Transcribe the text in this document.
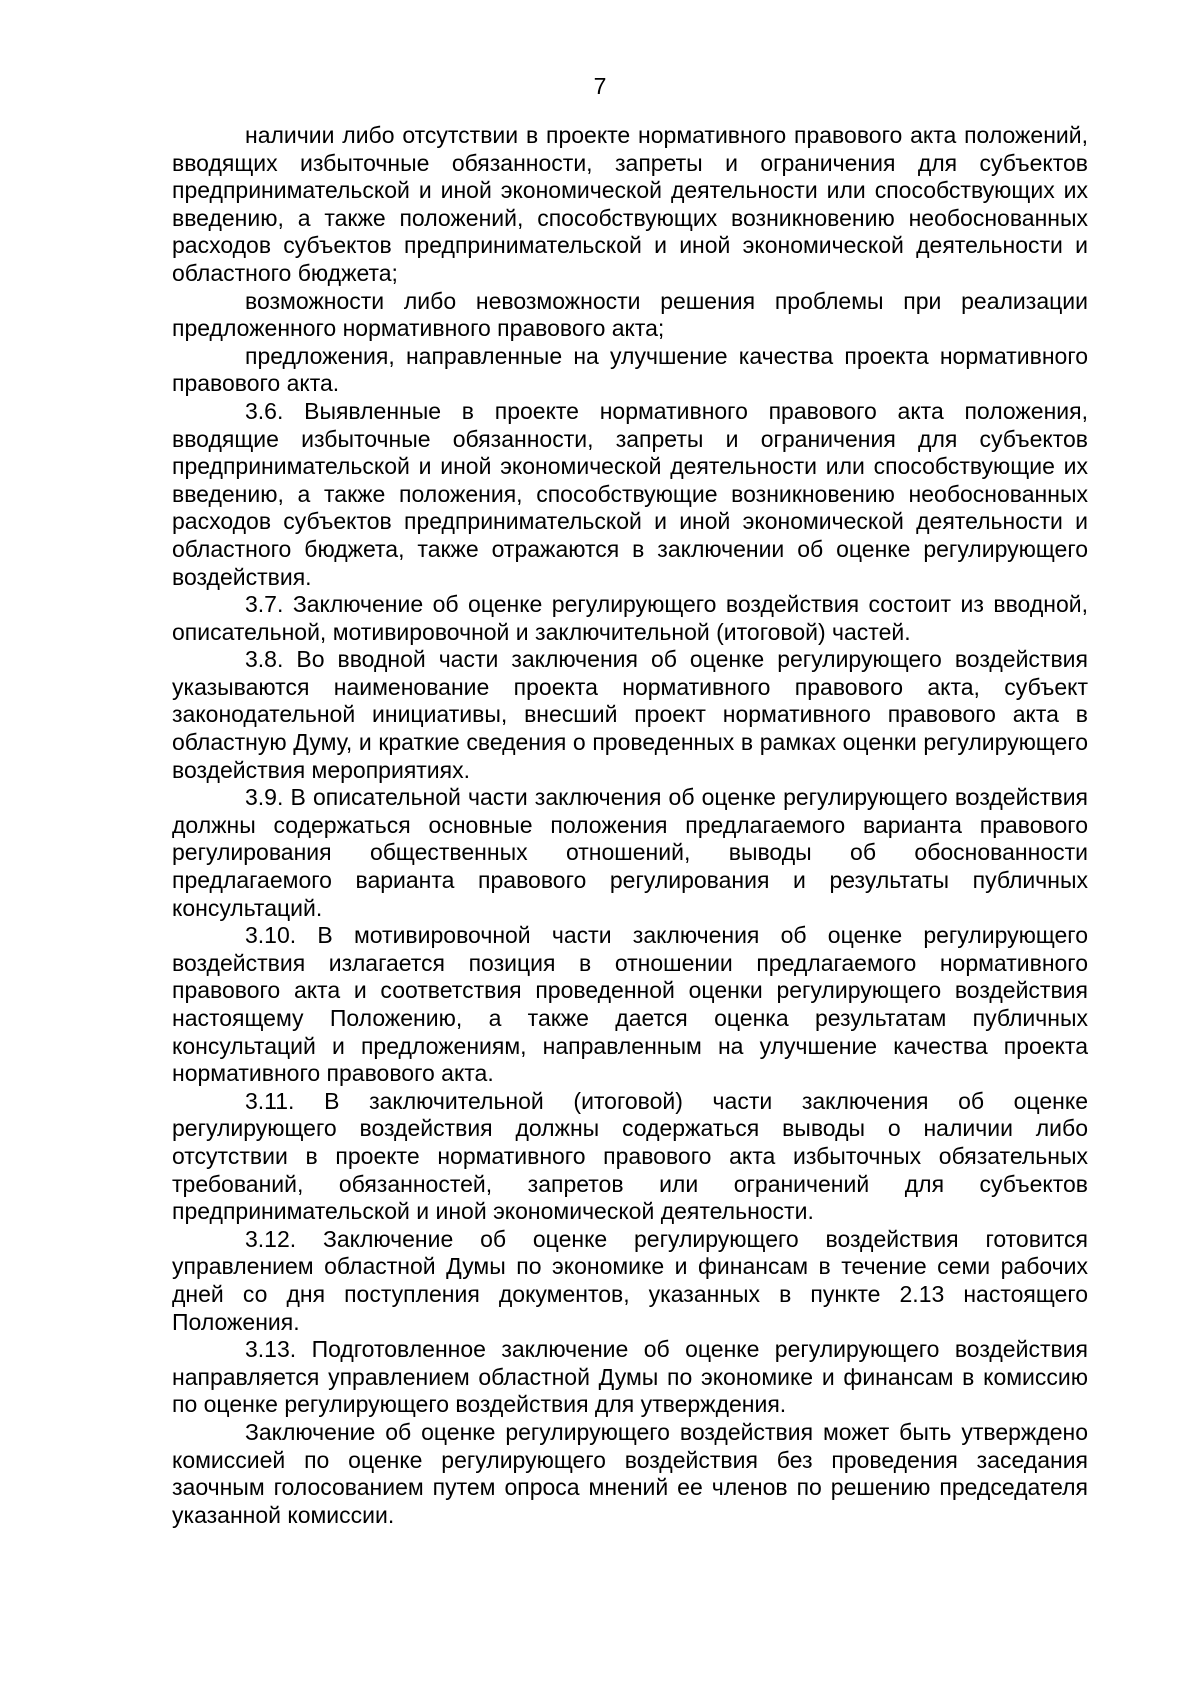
7

наличии либо отсутствии в проекте нормативного правового акта положений, вводящих избыточные обязанности, запреты и ограничения для субъектов предпринимательской и иной экономической деятельности или способствующих их введению, а также положений, способствующих возникновению необоснованных расходов субъектов предпринимательской и иной экономической деятельности и областного бюджета;

возможности либо невозможности решения проблемы при реализации предложенного нормативного правового акта;

предложения, направленные на улучшение качества проекта нормативного правового акта.

3.6. Выявленные в проекте нормативного правового акта положения, вводящие избыточные обязанности, запреты и ограничения для субъектов предпринимательской и иной экономической деятельности или способствующие их введению, а также положения, способствующие возникновению необоснованных расходов субъектов предпринимательской и иной экономической деятельности и областного бюджета, также отражаются в заключении об оценке регулирующего воздействия.

3.7. Заключение об оценке регулирующего воздействия состоит из вводной, описательной, мотивировочной и заключительной (итоговой) частей.

3.8. Во вводной части заключения об оценке регулирующего воздействия указываются наименование проекта нормативного правового акта, субъект законодательной инициативы, внесший проект нормативного правового акта в областную Думу, и краткие сведения о проведенных в рамках оценки регулирующего воздействия мероприятиях.

3.9. В описательной части заключения об оценке регулирующего воздействия должны содержаться основные положения предлагаемого варианта правового регулирования общественных отношений, выводы об обоснованности предлагаемого варианта правового регулирования и результаты публичных консультаций.

3.10. В мотивировочной части заключения об оценке регулирующего воздействия излагается позиция в отношении предлагаемого нормативного правового акта и соответствия проведенной оценки регулирующего воздействия настоящему Положению, а также дается оценка результатам публичных консультаций и предложениям, направленным на улучшение качества проекта нормативного правового акта.

3.11. В заключительной (итоговой) части заключения об оценке регулирующего воздействия должны содержаться выводы о наличии либо отсутствии в проекте нормативного правового акта избыточных обязательных требований, обязанностей, запретов или ограничений для субъектов предпринимательской и иной экономической деятельности.

3.12. Заключение об оценке регулирующего воздействия готовится управлением областной Думы по экономике и финансам в течение семи рабочих дней со дня поступления документов, указанных в пункте 2.13 настоящего Положения.

3.13. Подготовленное заключение об оценке регулирующего воздействия направляется управлением областной Думы по экономике и финансам в комиссию по оценке регулирующего воздействия для утверждения.

Заключение об оценке регулирующего воздействия может быть утверждено комиссией по оценке регулирующего воздействия без проведения заседания заочным голосованием путем опроса мнений ее членов по решению председателя указанной комиссии.
